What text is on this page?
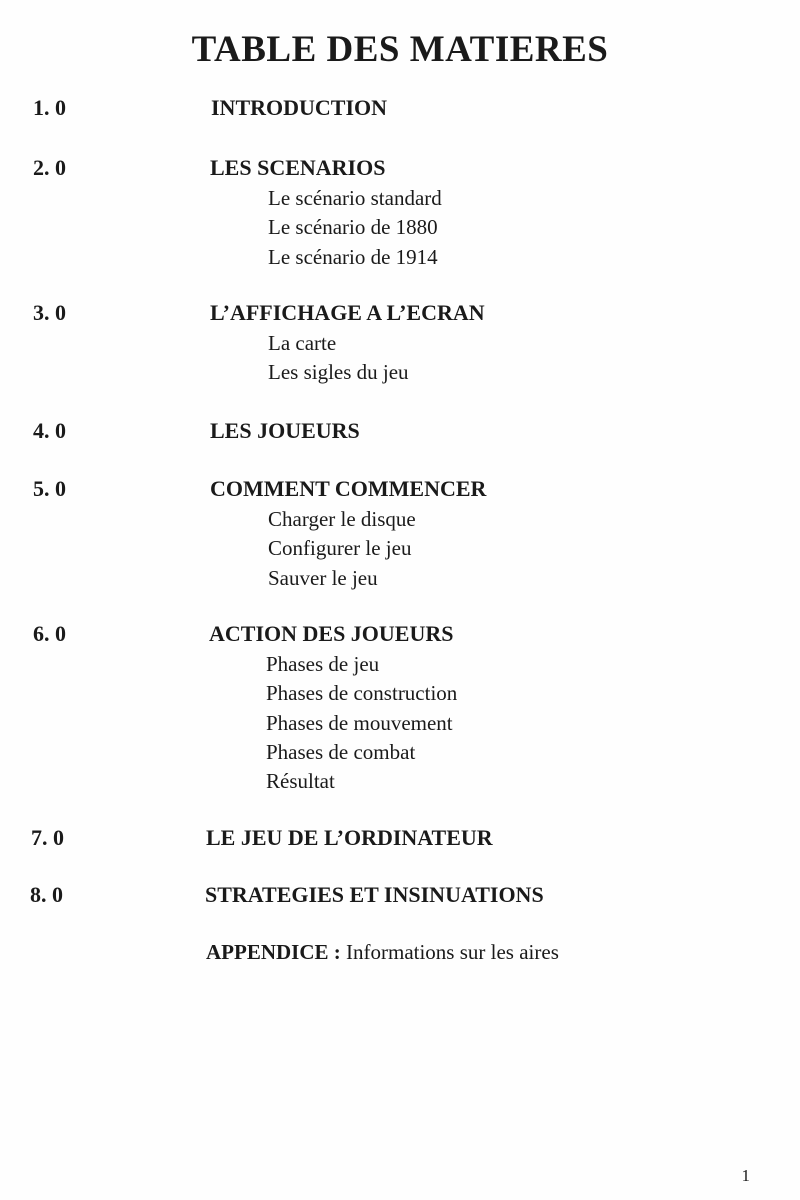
TABLE DES MATIERES
1. 0	INTRODUCTION
2. 0	LES SCENARIOS
Le scénario standard
Le scénario de 1880
Le scénario de 1914
3. 0	L’AFFICHAGE A L’ECRAN
La carte
Les sigles du jeu
4. 0	LES JOUEURS
5. 0	COMMENT COMMENCER
Charger le disque
Configurer le jeu
Sauver le jeu
6. 0	ACTION DES JOUEURS
Phases de jeu
Phases de construction
Phases de mouvement
Phases de combat
Résultat
7. 0	LE JEU DE L’ORDINATEUR
8. 0	STRATEGIES ET INSINUATIONS
APPENDICE : Informations sur les aires
1
